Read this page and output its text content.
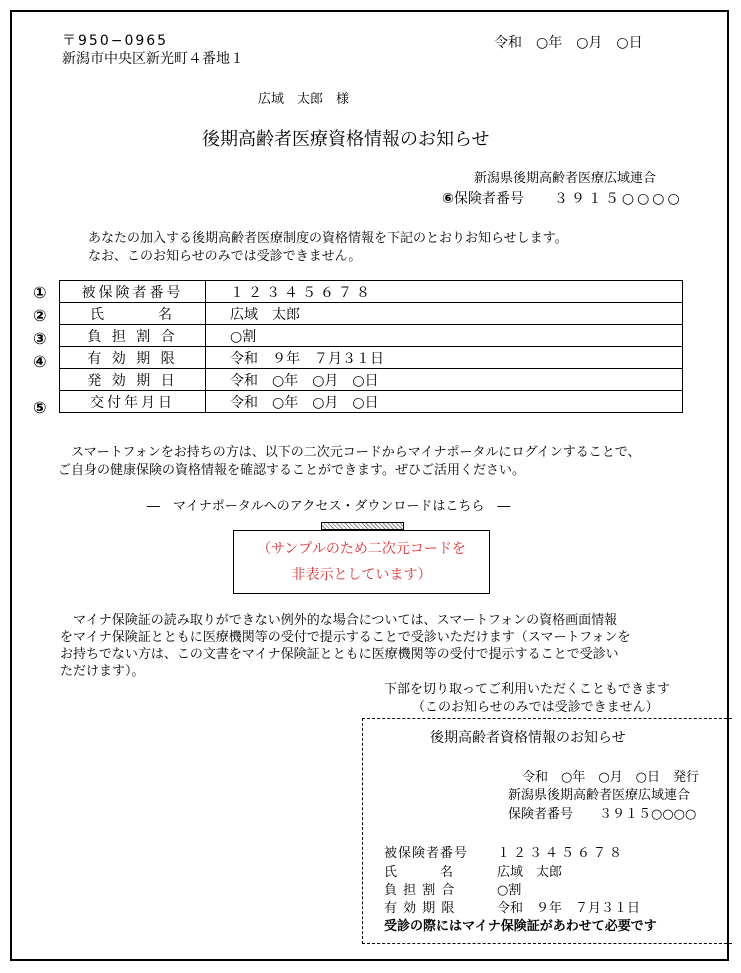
〒950−0965
新潟市中央区新光町４番地１
令和　○年　○月　○日
広域　太郎　様
後期高齢者医療資格情報のお知らせ
新潟県後期高齢者医療広域連合
⑥保険者番号 ３９１５○○○○
あなたの加入する後期高齢者医療制度の資格情報を下記のとおりお知らせします。
なお、このお知らせのみでは受診できません。
①
②
③
④
⑤
被保険者番号	１２３４５６７８
氏　　　名	広域　太郎
負 担 割 合	○割
有 効 期 限	令和　９年　７月３１日
発 効 期 日	令和　○年　○月　○日
交付年月日	令和　○年　○月　○日
　スマートフォンをお持ちの方は、以下の二次元コードからマイナポータルにログインすることで、
ご自身の健康保険の資格情報を確認することができます。ぜひご活用ください。
―　マイナポータルへのアクセス・ダウンロードはこちら　―
（サンプルのため二次元コードを
非表示としています）
　マイナ保険証の読み取りができない例外的な場合については、スマートフォンの資格画面情報
をマイナ保険証とともに医療機関等の受付で提示することで受診いただけます（スマートフォンを
お持ちでない方は、この文書をマイナ保険証とともに医療機関等の受付で提示することで受診い
ただけます）。
下部を切り取ってご利用いただくこともできます
（このお知らせのみでは受診できません）
後期高齢者資格情報のお知らせ
令和　○年　○月　○日　発行
新潟県後期高齢者医療広域連合
保険者番号　　３９１５○○○○
被保険者番号 １２３４５６７８
氏　　　名	広域　太郎
負 担 割 合	○割
有 効 期 限	令和　９年　７月３１日
受診の際にはマイナ保険証があわせて必要です
